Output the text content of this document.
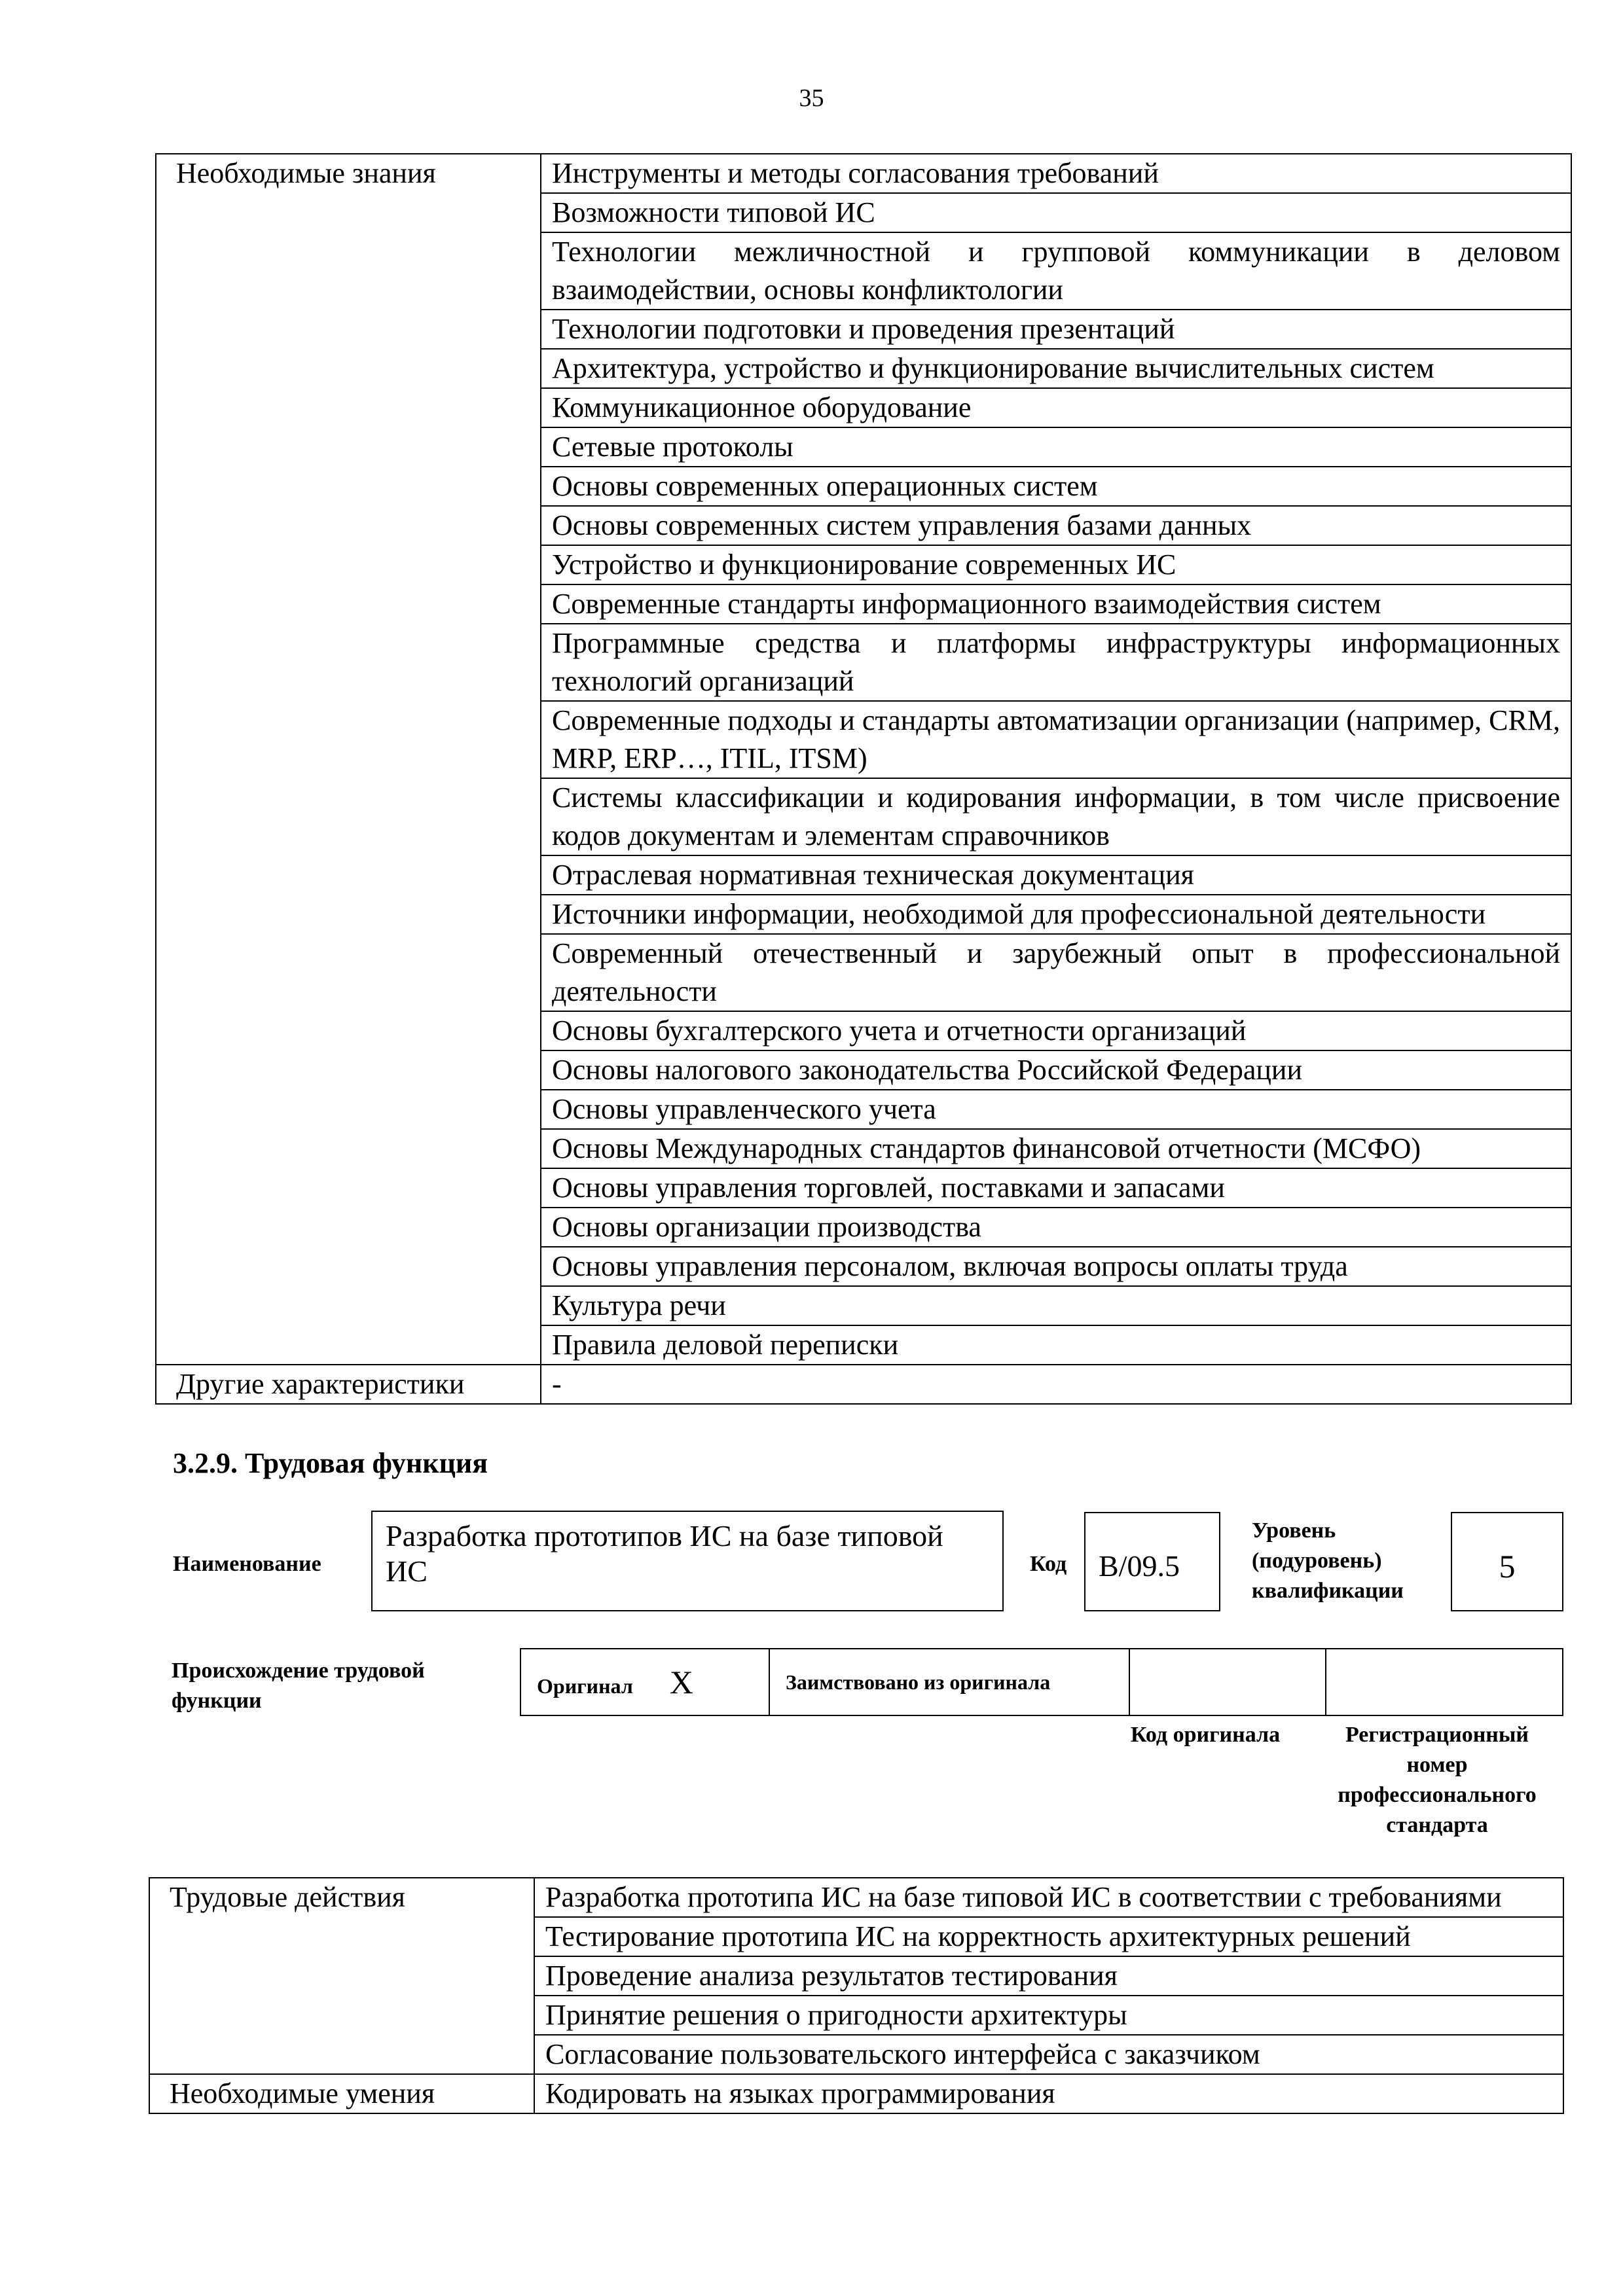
35
Необходимые знания	Инструменты и методы согласования требований
	Возможности типовой ИС
	Технологии межличностной и групповой коммуникации в деловом взаимодействии, основы конфликтологии
	Технологии подготовки и проведения презентаций
	Архитектура, устройство и функционирование вычислительных систем
	Коммуникационное оборудование
	Сетевые протоколы
	Основы современных операционных систем
	Основы современных систем управления базами данных
	Устройство и функционирование современных ИС
	Современные стандарты информационного взаимодействия систем
	Программные средства и платформы инфраструктуры информационных технологий организаций
	Современные подходы и стандарты автоматизации организации (например, CRM, MRP, ERP…, ITIL, ITSM)
	Системы классификации и кодирования информации, в том числе присвоение кодов документам и элементам справочников
	Отраслевая нормативная техническая документация
	Источники информации, необходимой для профессиональной деятельности
	Современный отечественный и зарубежный опыт в профессиональной деятельности
	Основы бухгалтерского учета и отчетности организаций
	Основы налогового законодательства Российской Федерации
	Основы управленческого учета
	Основы Международных стандартов финансовой отчетности (МСФО)
	Основы управления торговлей, поставками и запасами
	Основы организации производства
	Основы управления персоналом, включая вопросы оплаты труда
	Культура речи
	Правила деловой переписки
Другие характеристики	-
3.2.9. Трудовая функция
Наименование
Разработка прототипов ИС на базе типовой ИС	Код	B/09.5
Уровень (подуровень) квалификации
5
Происхождение трудовой функции
Оригинал X	Заимствовано из оригинала		
Код оригинала	Регистрационный номер профессионального стандарта
Трудовые действия	Разработка прототипа ИС на базе типовой ИС в соответствии с требованиями
	Тестирование прототипа ИС на корректность архитектурных решений
	Проведение анализа результатов тестирования
	Принятие решения о пригодности архитектуры
	Согласование пользовательского интерфейса с заказчиком
Необходимые умения	Кодировать на языках программирования
